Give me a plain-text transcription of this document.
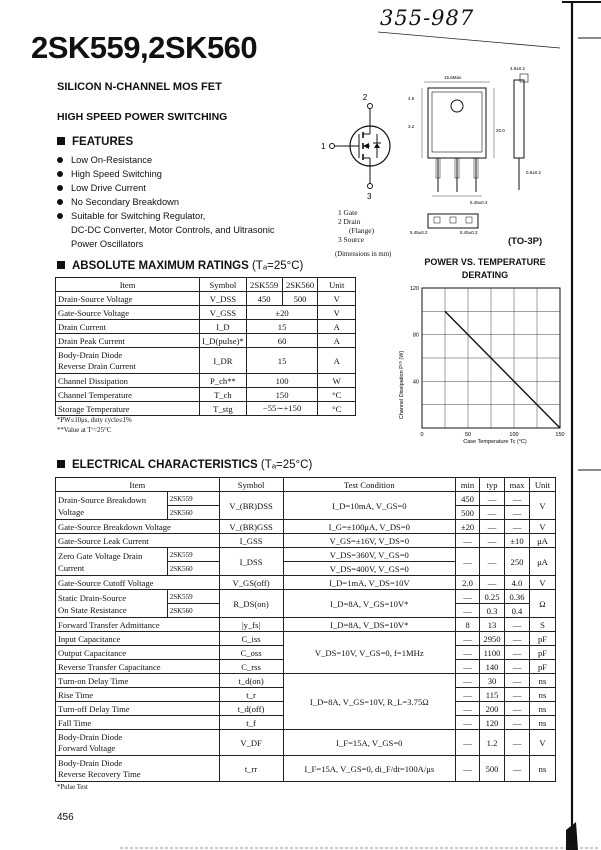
2SK559,2SK560
355-987
SILICON N-CHANNEL MOS FET
HIGH SPEED POWER SWITCHING
FEATURES
Low On-Resistance
High Speed Switching
Low Drive Current
No Secondary Breakdown
Suitable for Switching Regulator,
DC-DC Converter, Motor Controls, and Ultrasonic
Power Oscillators
2
1
3
15.6Max
4.5
3.2
20.0
5.45±0.2
4.8±0.2
0.6±0.2
5.45±0.2	5.45±0.2
1 Gate
2 Drain
(Flange)
3 Source
(Dimensions in mm)
(TO-3P)
ABSOLUTE MAXIMUM RATINGS (Tₐ=25°C)
Item	Symbol	2SK559	2SK560	Unit
Drain-Source Voltage	V_DSS	450	500	V
Gate-Source Voltage	V_GSS	±20		V
Drain Current	I_D	15		A
Drain Peak Current	I_D(pulse)*	60		A
Body-Drain Diode
Reverse Drain Current	I_DR	15		A
Channel Dissipation	P_ch**	100		W
Channel Temperature	T_ch	150		°C
Storage Temperature	T_stg	−55∼+150		°C
*PW≤10μs, duty cycle≤1%
**Value at Tᶜ=25°C
POWER VS. TEMPERATURE DERATING
0	50	100	150
40
80
120
Channel Dissipation Pᶜʰ (W)
Case Temperature Tc (°C)
ELECTRICAL CHARACTERISTICS (Tₐ=25°C)
Item		Symbol	Test Condition	min	typ	max	Unit
Drain-Source Breakdown
Voltage	2SK559	V_(BR)DSS	I_D=10mA, V_GS=0	450	—	—	V
	2SK560			500	—	—	
Gate-Source Breakdown Voltage		V_(BR)GSS	I_G=±100μA, V_DS=0	±20	—	—	V
Gate-Source Leak Current		I_GSS	V_GS=±16V, V_DS=0	—	—	±10	μA
Zero Gate Voltage Drain
Current	2SK559	I_DSS	V_DS=360V, V_GS=0	—	—	250	μA
	2SK560		V_DS=400V, V_GS=0				
Gate-Source Cutoff Voltage		V_GS(off)	I_D=1mA, V_DS=10V	2.0	—	4.0	V
Static Drain-Source
On State Resistance	2SK559	R_DS(on)	I_D=8A, V_GS=10V*	—	0.25	0.36	Ω
	2SK560			—	0.3	0.4	
Forward Transfer Admittance		|y_fs|	I_D=8A, V_DS=10V*	8	13	—	S
Input Capacitance		C_iss	V_DS=10V, V_GS=0, f=1MHz	—	2950	—	pF
Output Capacitance		C_oss		—	1100	—	pF
Reverse Transfer Capacitance		C_rss		—	140	—	pF
Turn-on Delay Time		t_d(on)	I_D=8A, V_GS=10V, R_L=3.75Ω	—	30	—	ns
Rise Time		t_r		—	115	—	ns
Turn-off Delay Time		t_d(off)		—	200	—	ns
Fall Time		t_f		—	120	—	ns
Body-Drain Diode
Forward Voltage		V_DF	I_F=15A, V_GS=0	—	1.2	—	V
Body-Drain Diode
Reverse Recovery Time		t_rr	I_F=15A, V_GS=0, di_F/dt=100A/μs	—	500	—	ns
*Pulse Test
456
